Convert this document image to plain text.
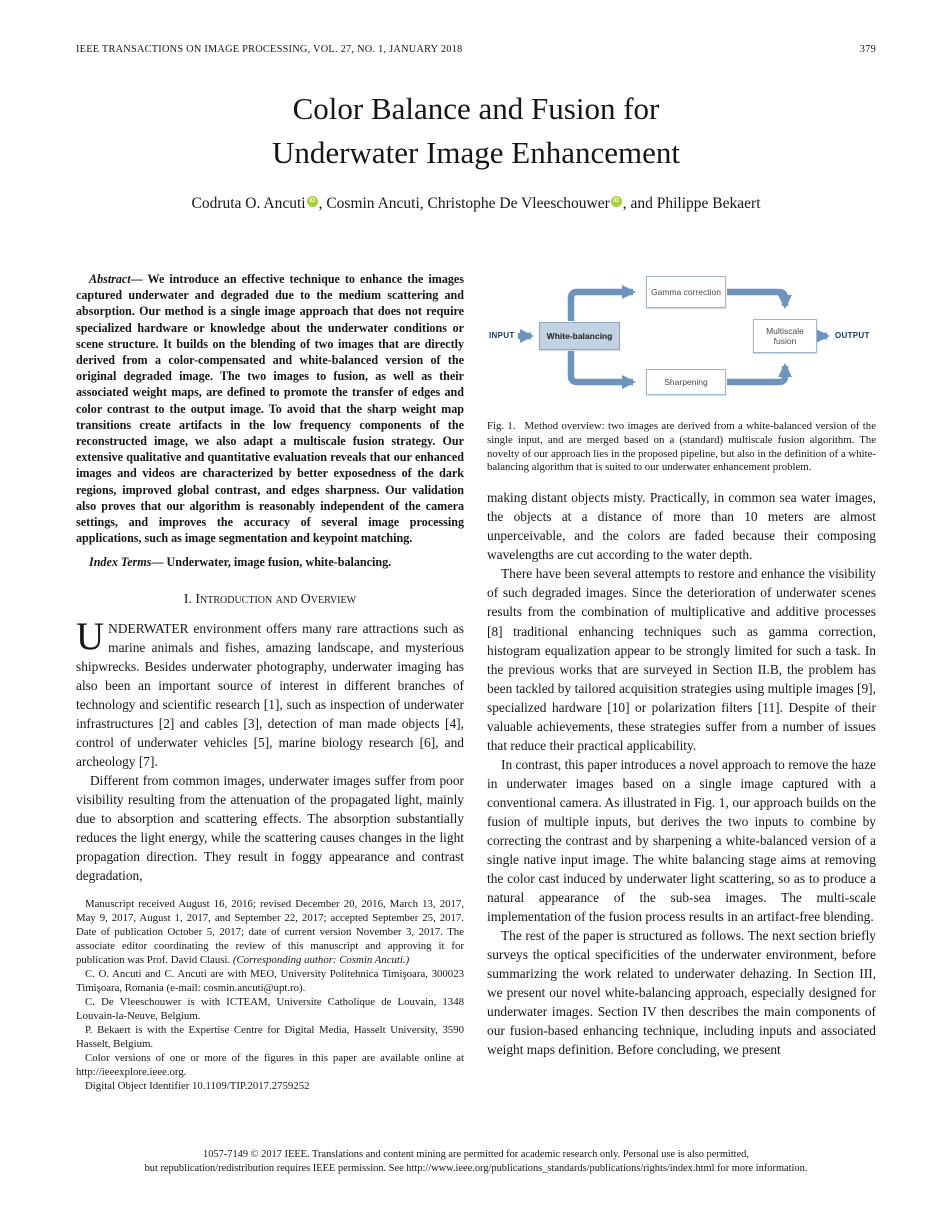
IEEE TRANSACTIONS ON IMAGE PROCESSING, VOL. 27, NO. 1, JANUARY 2018	379
Color Balance and Fusion for
Underwater Image Enhancement
Codruta O. Ancuti iD , Cosmin Ancuti, Christophe De Vleeschouwer iD , and Philippe Bekaert

Abstract— We introduce an effective technique to enhance the images captured underwater and degraded due to the medium scattering and absorption. Our method is a single image approach that does not require specialized hardware or knowledge about the underwater conditions or scene structure. It builds on the blending of two images that are directly derived from a color-compensated and white-balanced version of the original degraded image. The two images to fusion, as well as their associated weight maps, are defined to promote the transfer of edges and color contrast to the output image. To avoid that the sharp weight map transitions create artifacts in the low frequency components of the reconstructed image, we also adapt a multiscale fusion strategy. Our extensive qualitative and quantitative evaluation reveals that our enhanced images and videos are characterized by better exposedness of the dark regions, improved global contrast, and edges sharpness. Our validation also proves that our algorithm is reasonably independent of the camera settings, and improves the accuracy of several image processing applications, such as image segmentation and keypoint matching.

Index Terms— Underwater, image fusion, white-balancing.

I. Introduction and Overview

UNDERWATER environment offers many rare attractions such as marine animals and fishes, amazing landscape, and mysterious shipwrecks. Besides underwater photography, underwater imaging has also been an important source of interest in different branches of technology and scientific research [1], such as inspection of underwater infrastructures [2] and cables [3], detection of man made objects [4], control of underwater vehicles [5], marine biology research [6], and archeology [7].

Different from common images, underwater images suffer from poor visibility resulting from the attenuation of the propagated light, mainly due to absorption and scattering effects. The absorption substantially reduces the light energy, while the scattering causes changes in the light propagation direction. They result in foggy appearance and contrast degradation,

Manuscript received August 16, 2016; revised December 20, 2016, March 13, 2017, May 9, 2017, August 1, 2017, and September 22, 2017; accepted September 25, 2017. Date of publication October 5, 2017; date of current version November 3, 2017. The associate editor coordinating the review of this manuscript and approving it for publication was Prof. David Clausi. (Corresponding author: Cosmin Ancuti.)

C. O. Ancuti and C. Ancuti are with MEO, University Politehnica Timişoara, 300023 Timişoara, Romania (e-mail: cosmin.ancuti@upt.ro).

C. De Vleeschouwer is with ICTEAM, Universite Catholique de Louvain, 1348 Louvain-la-Neuve, Belgium.

P. Bekaert is with the Expertise Centre for Digital Media, Hasselt University, 3590 Hasselt, Belgium.

Color versions of one or more of the figures in this paper are available online at http://ieeexplore.ieee.org.

Digital Object Identifier 10.1109/TIP.2017.2759252

INPUT	White-balancing
Gamma correction
Sharpening
Multiscale fusion
OUTPUT

Fig. 1. Method overview: two images are derived from a white-balanced version of the single input, and are merged based on a (standard) multiscale fusion algorithm. The novelty of our approach lies in the proposed pipeline, but also in the definition of a white-balancing algorithm that is suited to our underwater enhancement problem.

making distant objects misty. Practically, in common sea water images, the objects at a distance of more than 10 meters are almost unperceivable, and the colors are faded because their composing wavelengths are cut according to the water depth.

There have been several attempts to restore and enhance the visibility of such degraded images. Since the deterioration of underwater scenes results from the combination of multiplicative and additive processes [8] traditional enhancing techniques such as gamma correction, histogram equalization appear to be strongly limited for such a task. In the previous works that are surveyed in Section II.B, the problem has been tackled by tailored acquisition strategies using multiple images [9], specialized hardware [10] or polarization filters [11]. Despite of their valuable achievements, these strategies suffer from a number of issues that reduce their practical applicability.

In contrast, this paper introduces a novel approach to remove the haze in underwater images based on a single image captured with a conventional camera. As illustrated in Fig. 1, our approach builds on the fusion of multiple inputs, but derives the two inputs to combine by correcting the contrast and by sharpening a white-balanced version of a single native input image. The white balancing stage aims at removing the color cast induced by underwater light scattering, so as to produce a natural appearance of the sub-sea images. The multi-scale implementation of the fusion process results in an artifact-free blending.

The rest of the paper is structured as follows. The next section briefly surveys the optical specificities of the underwater environment, before summarizing the work related to underwater dehazing. In Section III, we present our novel white-balancing approach, especially designed for underwater images. Section IV then describes the main components of our fusion-based enhancing technique, including inputs and associated weight maps definition. Before concluding, we present

1057-7149 © 2017 IEEE. Translations and content mining are permitted for academic research only. Personal use is also permitted,
but republication/redistribution requires IEEE permission. See http://www.ieee.org/publications_standards/publications/rights/index.html for more information.
